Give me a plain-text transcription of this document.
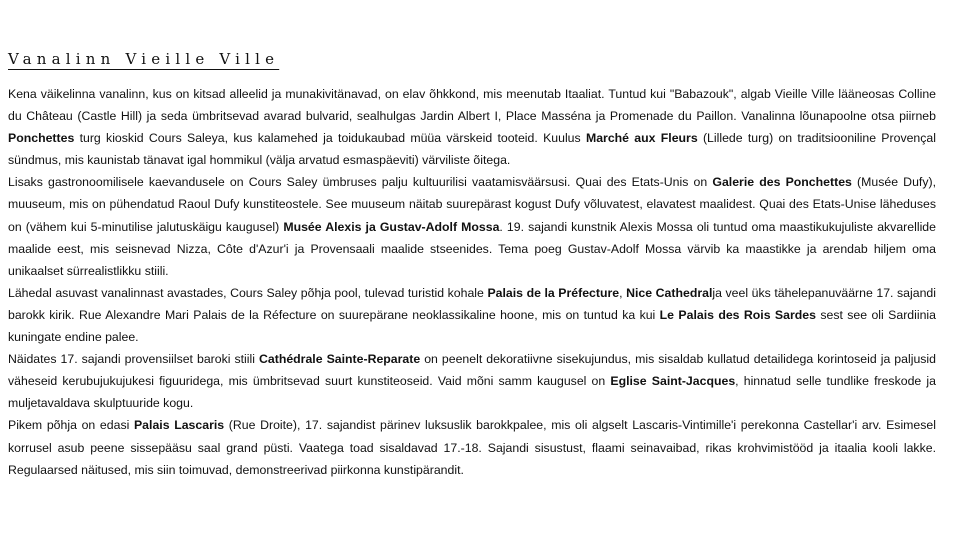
Vanalinn Vieille Ville

Kena väikelinna vanalinn, kus on kitsad alleelid ja munakivitänavad, on elav õhkkond, mis meenutab Itaaliat. Tuntud kui "Babazouk", algab Vieille Ville lääneosas Colline du Château (Castle Hill) ja seda ümbritsevad avarad bulvarid, sealhulgas Jardin Albert I, Place Masséna ja Promenade du Paillon. Vanalinna lõunapoolne otsa piirneb Ponchettes turg kioskid Cours Saleya, kus kalamehed ja toidukaubad müüa värskeid tooteid. Kuulus Marché aux Fleurs (Lillede turg) on traditsiooniline Provençal sündmus, mis kaunistab tänavat igal hommikul (välja arvatud esmaspäeviti) värviliste õitega.

Lisaks gastronoomilisele kaevandusele on Cours Saley ümbruses palju kultuurilisi vaatamisväärsusi. Quai des Etats-Unis on Galerie des Ponchettes (Musée Dufy), muuseum, mis on pühendatud Raoul Dufy kunstiteostele. See muuseum näitab suurepärast kogust Dufy võluvatest, elavatest maalidest. Quai des Etats-Unise läheduses on (vähem kui 5-minutilise jalutuskäigu kaugusel) Musée Alexis ja Gustav-Adolf Mossa. 19. sajandi kunstnik Alexis Mossa oli tuntud oma maastikukujuliste akvarellide maalide eest, mis seisnevad Nizza, Côte d'Azur'i ja Provensaali maalide stseenides. Tema poeg Gustav-Adolf Mossa värvib ka maastikke ja arendab hiljem oma unikaalset sürrealistlikku stiili.

Lähedal asuvast vanalinnast avastades, Cours Saley põhja pool, tulevad turistid kohale Palais de la Préfecture, Nice Cathedralja veel üks tähelepanuväärne 17. sajandi barokk kirik. Rue Alexandre Mari Palais de la Réfecture on suurepärane neoklassikaline hoone, mis on tuntud ka kui Le Palais des Rois Sardes sest see oli Sardiinia kuningate endine palee.

Näidates 17. sajandi provensiilset baroki stiili Cathédrale Sainte-Reparate on peenelt dekoratiivne sisekujundus, mis sisaldab kullatud detailidega korintoseid ja paljusid väheseid kerubujukujukesi figuuridega, mis ümbritsevad suurt kunstiteoseid. Vaid mõni samm kaugusel on Eglise Saint-Jacques, hinnatud selle tundlike freskode ja muljetavaldava skulptuuride kogu.

Pikem põhja on edasi Palais Lascaris (Rue Droite), 17. sajandist pärinev luksuslik barokkpalee, mis oli algselt Lascaris-Vintimille'i perekonna Castellar'i arv. Esimesel korrusel asub peene sissepääsu saal grand püsti. Vaatega toad sisaldavad 17.-18. Sajandi sisustust, flaami seinavaibad, rikas krohvimistööd ja itaalia kooli lakke. Regulaarsed näitused, mis siin toimuvad, demonstreerivad piirkonna kunstipärandit.
